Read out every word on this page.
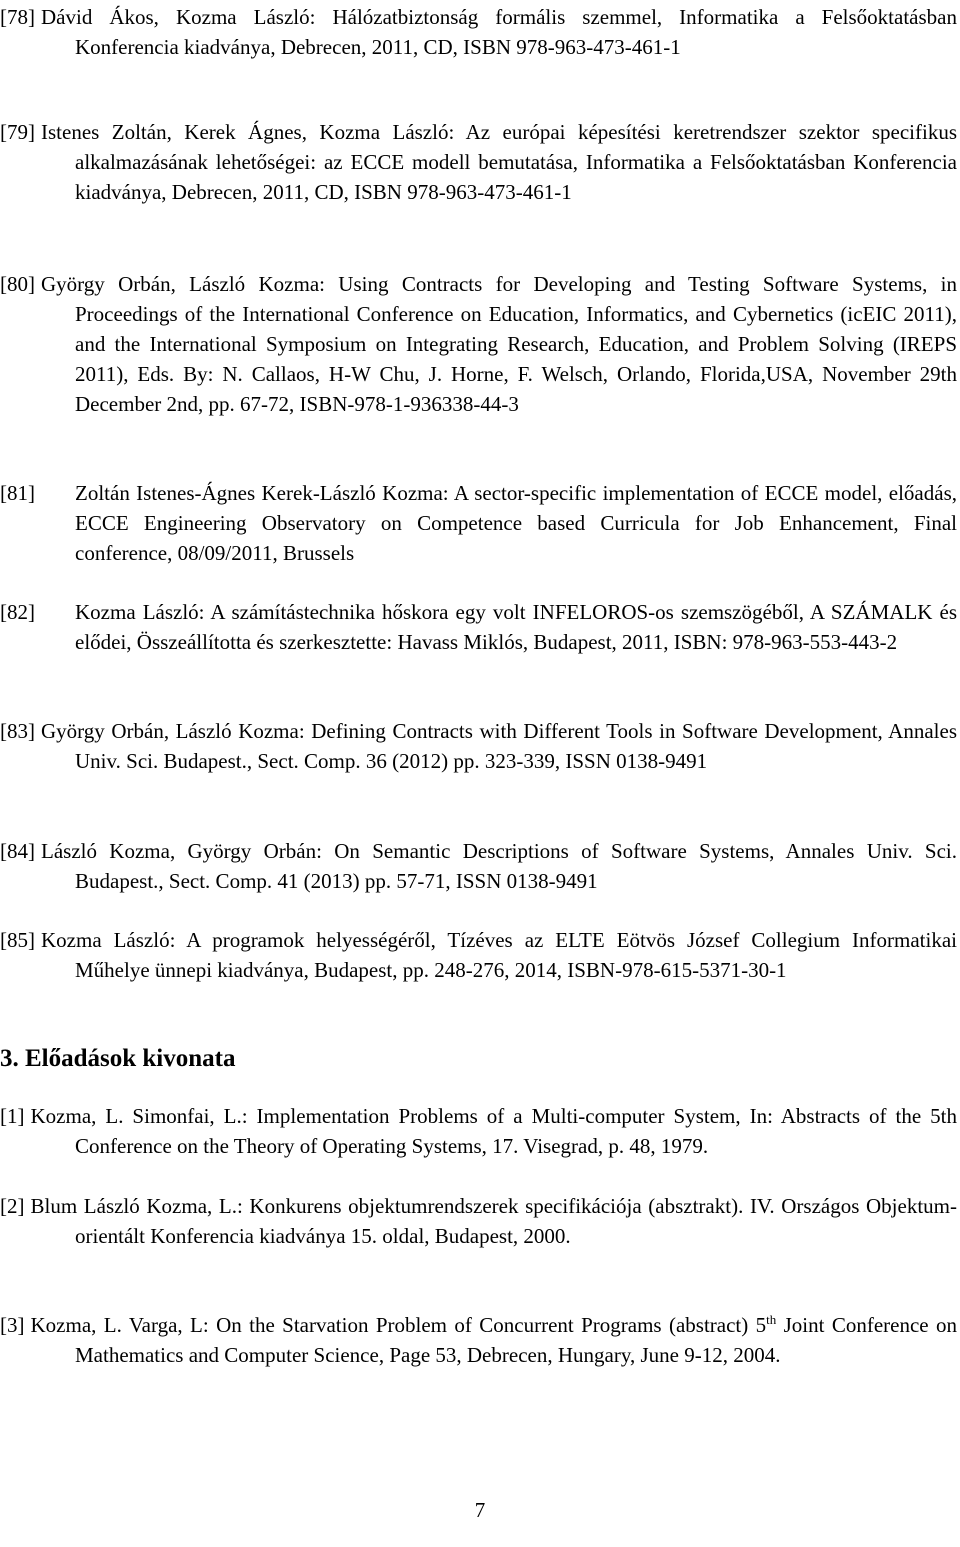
[78] Dávid Ákos, Kozma László: Hálózatbiztonság formális szemmel, Informatika a Felsőoktatásban Konferencia kiadványa, Debrecen, 2011, CD, ISBN 978-963-473-461-1
[79] Istenes Zoltán, Kerek Ágnes, Kozma László: Az európai képesítési keretrendszer szektor specifikus alkalmazásának lehetőségei: az ECCE modell bemutatása, Informatika a Felsőoktatásban Konferencia kiadványa, Debrecen, 2011, CD, ISBN 978-963-473-461-1
[80] György Orbán, László Kozma: Using Contracts for Developing and Testing Software Systems, in Proceedings of the International Conference on Education, Informatics, and Cybernetics (icEIC 2011), and the International Symposium on Integrating Research, Education, and Problem Solving (IREPS 2011), Eds. By: N. Callaos, H-W Chu, J. Horne, F. Welsch, Orlando, Florida,USA, November 29th December 2nd, pp. 67-72, ISBN-978-1-936338-44-3
[81] Zoltán Istenes-Ágnes Kerek-László Kozma: A sector-specific implementation of ECCE model, előadás, ECCE Engineering Observatory on Competence based Curricula for Job Enhancement, Final conference, 08/09/2011, Brussels
[82] Kozma László: A számítástechnika hőskora egy volt INFELOROS-os szemszögéből, A SZÁMALK és elődei, Összeállította és szerkesztette: Havass Miklós, Budapest, 2011, ISBN: 978-963-553-443-2
[83] György Orbán, László Kozma: Defining Contracts with Different Tools in Software Development, Annales Univ. Sci. Budapest., Sect. Comp. 36 (2012) pp. 323-339, ISSN 0138-9491
[84] László Kozma, György Orbán: On Semantic Descriptions of Software Systems, Annales Univ. Sci. Budapest., Sect. Comp. 41 (2013) pp. 57-71, ISSN 0138-9491
[85] Kozma László: A programok helyességéről, Tízéves az ELTE Eötvös József Collegium Informatikai Műhelye ünnepi kiadványa, Budapest, pp. 248-276, 2014, ISBN-978-615-5371-30-1
3. Előadások kivonata
[1] Kozma, L. Simonfai, L.: Implementation Problems of a Multi-computer System, In: Abstracts of the 5th Conference on the Theory of Operating Systems, 17. Visegrad, p. 48, 1979.
[2] Blum László Kozma, L.: Konkurens objektumrendszerek specifikációja (absztrakt). IV. Országos Objektum-orientált Konferencia kiadványa 15. oldal, Budapest, 2000.
[3] Kozma, L. Varga, L: On the Starvation Problem of Concurrent Programs (abstract) 5th Joint Conference on Mathematics and Computer Science, Page 53, Debrecen, Hungary, June 9-12, 2004.
7
